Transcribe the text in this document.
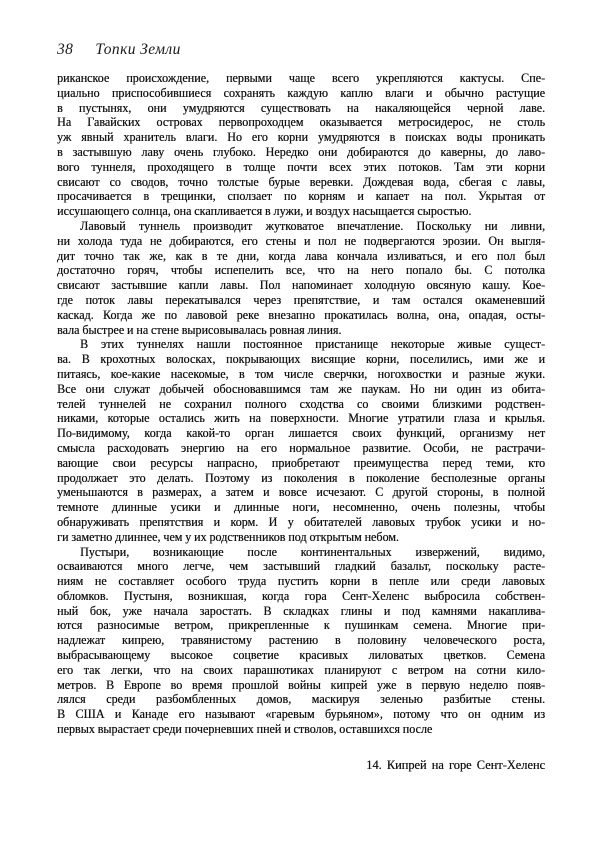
38 Топки Земли
риканское происхождение, первыми чаще всего укрепляются кактусы. Спе-
циально приспособившиеся сохранять каждую каплю влаги и обычно растущие
в пустынях, они умудряются существовать на накаляющейся черной лаве.
На Гавайских островах первопроходцем оказывается метросидерос, не столь
уж явный хранитель влаги. Но его корни умудряются в поисках воды проникать
в застывшую лаву очень глубоко. Нередко они добираются до каверны, до лаво-
вого туннеля, проходящего в толще почти всех этих потоков. Там эти корни
свисают со сводов, точно толстые бурые веревки. Дождевая вода, сбегая с лавы,
просачивается в трещинки, сползает по корням и капает на пол. Укрытая от
иссушающего солнца, она скапливается в лужи, и воздух насыщается сыростью.
Лавовый туннель производит жутковатое впечатление. Поскольку ни ливни,
ни холода туда не добираются, его стены и пол не подвергаются эрозии. Он выгля-
дит точно так же, как в те дни, когда лава кончала изливаться, и его пол был
достаточно горяч, чтобы испепелить все, что на него попало бы. С потолка
свисают застывшие капли лавы. Пол напоминает холодную овсяную кашу. Кое-
где поток лавы перекатывался через препятствие, и там остался окаменевший
каскад. Когда же по лавовой реке внезапно прокатилась волна, она, опадая, осты-
вала быстрее и на стене вырисовывалась ровная линия.
В этих туннелях нашли постоянное пристанище некоторые живые сущест-
ва. В крохотных волосках, покрывающих висящие корни, поселились, ими же и
питаясь, кое-какие насекомые, в том числе сверчки, ногохвостки и разные жуки.
Все они служат добычей обосновавшимся там же паукам. Но ни один из обита-
телей туннелей не сохранил полного сходства со своими близкими родствен-
никами, которые остались жить на поверхности. Многие утратили глаза и крылья.
По-видимому, когда какой-то орган лишается своих функций, организму нет
смысла расходовать энергию на его нормальное развитие. Особи, не растрачи-
вающие свои ресурсы напрасно, приобретают преимущества перед теми, кто
продолжает это делать. Поэтому из поколения в поколение бесполезные органы
уменьшаются в размерах, а затем и вовсе исчезают. С другой стороны, в полной
темноте длинные усики и длинные ноги, несомненно, очень полезны, чтобы
обнаруживать препятствия и корм. И у обитателей лавовых трубок усики и но-
ги заметно длиннее, чем у их родственников под открытым небом.
Пустыри, возникающие после континентальных извержений, видимо,
осваиваются много легче, чем застывший гладкий базальт, поскольку расте-
ниям не составляет особого труда пустить корни в пепле или среди лавовых
обломков. Пустыня, возникшая, когда гора Сент-Хеленс выбросила собствен-
ный бок, уже начала заростать. В складках глины и под камнями накаплива-
ются разносимые ветром, прикрепленные к пушинкам семена. Многие при-
надлежат кипрею, травянистому растению в половину человеческого роста,
выбрасывающему высокое соцветие красивых лиловатых цветков. Семена
его так легки, что на своих парашютиках планируют с ветром на сотни кило-
метров. В Европе во время прошлой войны кипрей уже в первую неделю появ-
лялся среди разбомбленных домов, маскируя зеленью разбитые стены.
В США и Канаде его называют «гаревым бурьяном», потому что он одним из
первых вырастает среди почерневших пней и стволов, оставшихся после
14. Кипрей на горе Сент-Хеленс
